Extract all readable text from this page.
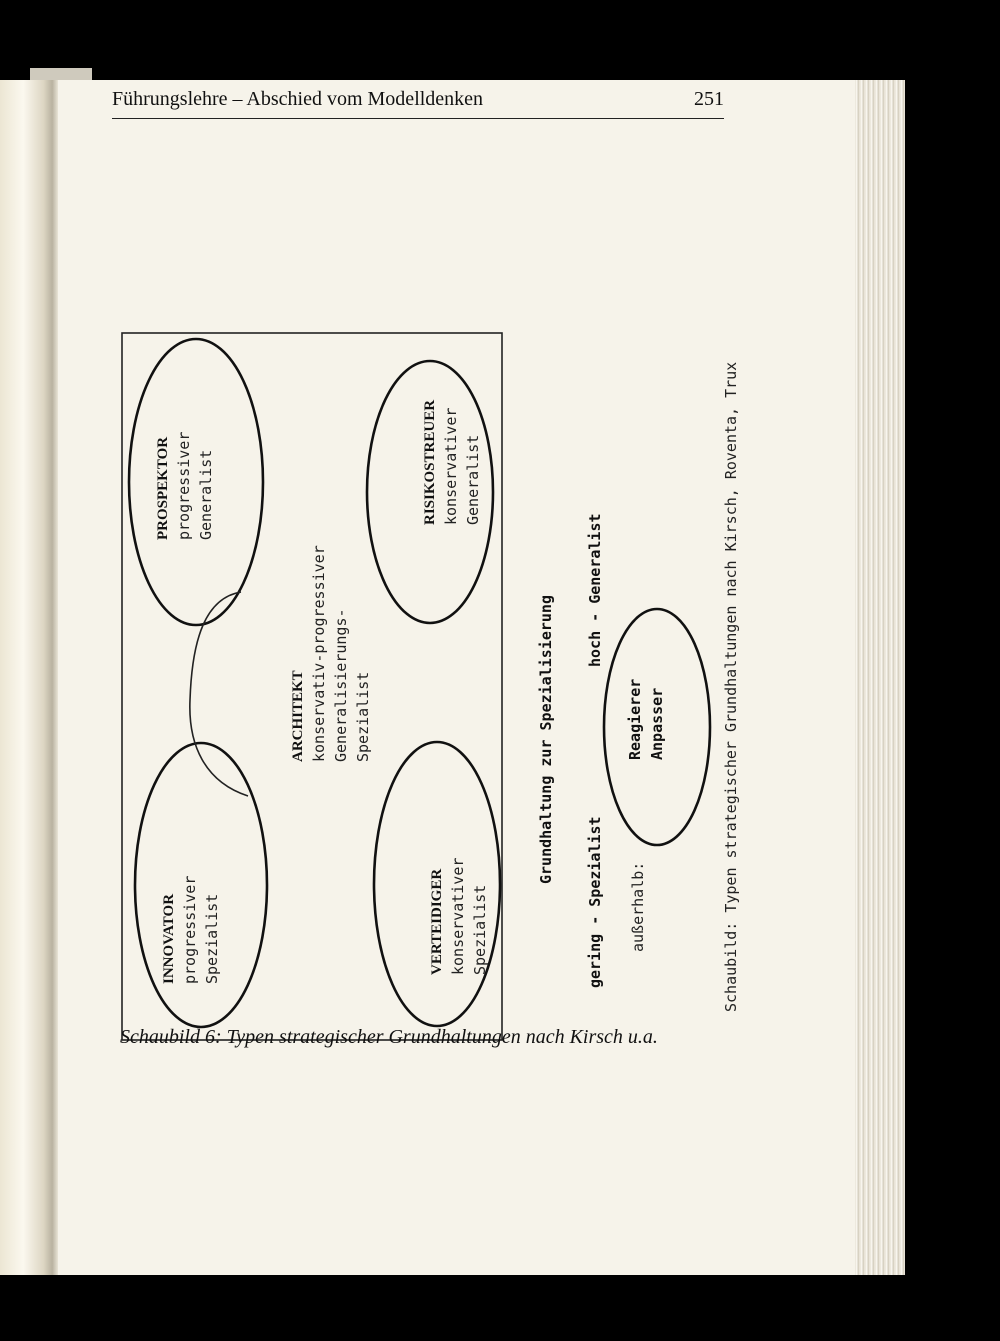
Führungslehre – Abschied vom Modelldenken	251
PROSPEKTOR progressiver Generalist	RISIKOSTREUER konservativer Generalist
ARCHITEKT konservativ-progressiver Generalisierungs- Spezialist
INNOVATOR progressiver Spezialist	VERTEIDIGER konservativer Spezialist
Grundhaltung zur Spezialisierung
gering - Spezialist
hoch - Generalist
außerhalb:
Reagierer Anpasser	Schaubild: Typen strategischer Grundhaltungen nach Kirsch, Roventa, Trux
Schaubild 6: Typen strategischer Grundhaltungen nach Kirsch u.a.
